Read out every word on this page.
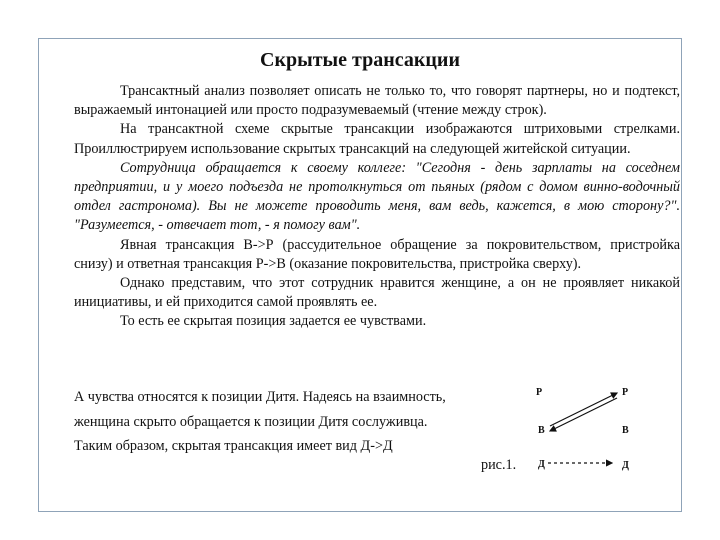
Скрытые трансакции

Трансактный анализ позволяет описать не только то, что говорят партнеры, но и подтекст, выражаемый интонацией или просто подразумеваемый (чтение между строк).

На трансактной схеме скрытые трансакции изображаются штриховыми стрелками. Проиллюстрируем использование скрытых трансакций на следующей житейской ситуации.

Сотрудница обращается к своему коллеге: "Сегодня - день зарплаты на соседнем предприятии, и у моего подъезда не протолкнуться от пьяных (рядом с домом винно-водочный отдел гастронома). Вы не можете проводить меня, вам ведь, кажется, в мою сторону?". "Разумеется, - отвечает тот, - я помогу вам".

Явная трансакция В->Р (рассудительное обращение за покровительством, пристройка снизу) и ответная трансакция Р->В (оказание покровительства, пристройка сверху).

Однако представим, что этот сотрудник нравится женщине, а он не проявляет никакой инициативы, и ей приходится самой проявлять ее.

То есть ее скрытая позиция задается ее чувствами.

А чувства относятся к позиции Дитя. Надеясь на взаимность,
женщина скрыто обращается к позиции Дитя сослуживца.
Таким образом, скрытая трансакция имеет вид Д->Д
рис.1.
Р
В
Д
Р
В
Д
